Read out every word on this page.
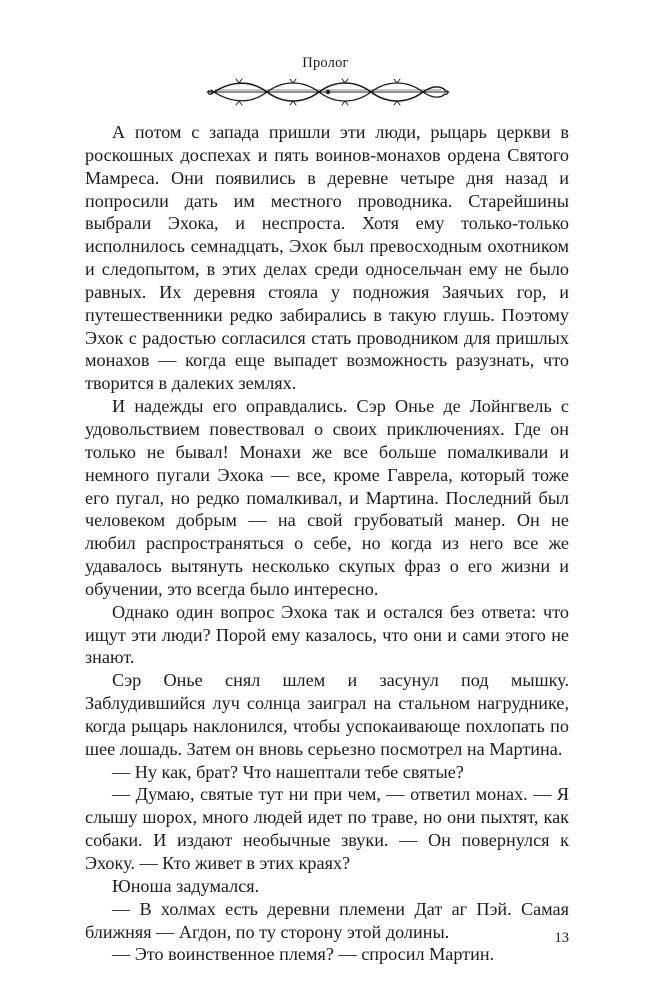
Пролог

А потом с запада пришли эти люди, рыцарь церкви в роскошных доспехах и пять воинов-монахов ордена Святого Мамреса. Они появились в деревне четыре дня назад и попросили дать им местного проводника. Старейшины выбрали Эхока, и неспроста. Хотя ему только-только исполнилось семнадцать, Эхок был превосходным охотником и следопытом, в этих делах среди односельчан ему не было равных. Их деревня стояла у подножия Заячьих гор, и путешественники редко забирались в такую глушь. Поэтому Эхок с радостью согласился стать проводником для пришлых монахов — когда еще выпадет возможность разузнать, что творится в далеких землях.

И надежды его оправдались. Сэр Онье де Лойнгвель с удовольствием повествовал о своих приключениях. Где он только не бывал! Монахи же все больше помалкивали и немного пугали Эхока — все, кроме Гаврела, который тоже его пугал, но редко помалкивал, и Мартина. Последний был человеком добрым — на свой грубоватый манер. Он не любил распространяться о себе, но когда из него все же удавалось вытянуть несколько скупых фраз о его жизни и обучении, это всегда было интересно.

Однако один вопрос Эхока так и остался без ответа: что ищут эти люди? Порой ему казалось, что они и сами этого не знают.

Сэр Онье снял шлем и засунул под мышку. Заблудившийся луч солнца заиграл на стальном нагруднике, когда рыцарь наклонился, чтобы успокаивающе похлопать по шее лошадь. Затем он вновь серьезно посмотрел на Мартина.

— Ну как, брат? Что нашептали тебе святые?

— Думаю, святые тут ни при чем, — ответил монах. — Я слышу шорох, много людей идет по траве, но они пыхтят, как собаки. И издают необычные звуки. — Он повернулся к Эхоку. — Кто живет в этих краях?

Юноша задумался.

— В холмах есть деревни племени Дат аг Пэй. Самая ближняя — Агдон, по ту сторону этой долины.

— Это воинственное племя? — спросил Мартин.

13
